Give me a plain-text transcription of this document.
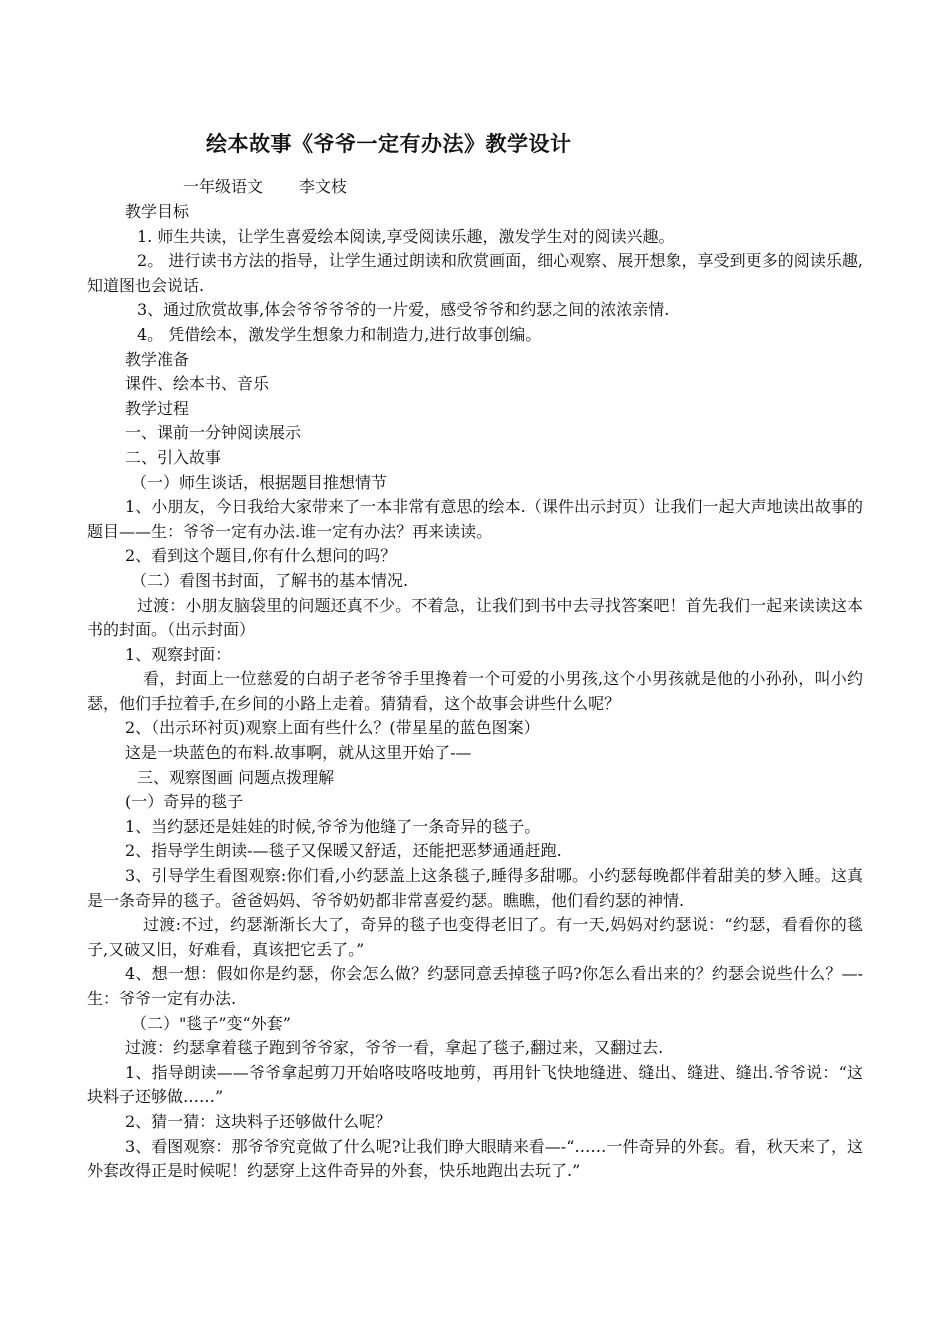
绘本故事《爷爷一定有办法》教学设计
一年级语文 李文枝

教学目标

1. 师生共读，让学生喜爱绘本阅读,享受阅读乐趣，激发学生对的阅读兴趣。

2。 进行读书方法的指导，让学生通过朗读和欣赏画面，细心观察、展开想象，享受到更多的阅读乐趣,知道图也会说话.

3、通过欣赏故事,体会爷爷爷爷的一片爱，感受爷爷和约瑟之间的浓浓亲情.

4。 凭借绘本，激发学生想象力和制造力,进行故事创编。

教学准备

课件、绘本书、音乐

教学过程

一、课前一分钟阅读展示

二、引入故事

（一）师生谈话，根据题目推想情节

1、小朋友，今日我给大家带来了一本非常有意思的绘本.（课件出示封页）让我们一起大声地读出故事的题目——生：爷爷一定有办法.谁一定有办法？再来读读。

2、看到这个题目,你有什么想问的吗？

（二）看图书封面，了解书的基本情况.

过渡：小朋友脑袋里的问题还真不少。不着急，让我们到书中去寻找答案吧！首先我们一起来读读这本书的封面。（出示封面）

1、观察封面：

看，封面上一位慈爱的白胡子老爷爷手里搀着一个可爱的小男孩,这个小男孩就是他的小孙孙，叫小约瑟，他们手拉着手,在乡间的小路上走着。猜猜看，这个故事会讲些什么呢？

2、（出示环衬页)观察上面有些什么？(带星星的蓝色图案）

这是一块蓝色的布料.故事啊，就从这里开始了-—

三、观察图画 问题点拨理解

(一）奇异的毯子

1、当约瑟还是娃娃的时候,爷爷为他缝了一条奇异的毯子。

2、指导学生朗读-—毯子又保暖又舒适，还能把恶梦通通赶跑.

3、引导学生看图观察:你们看,小约瑟盖上这条毯子,睡得多甜哪。小约瑟每晚都伴着甜美的梦入睡。这真是一条奇异的毯子。爸爸妈妈、爷爷奶奶都非常喜爱约瑟。瞧瞧，他们看约瑟的神情.

过渡:不过，约瑟渐渐长大了，奇异的毯子也变得老旧了。有一天,妈妈对约瑟说：“约瑟，看看你的毯子,又破又旧，好难看，真该把它丢了。”

4、想一想：假如你是约瑟，你会怎么做？约瑟同意丢掉毯子吗?你怎么看出来的？约瑟会说些什么？—-生：爷爷一定有办法.

（二）"毯子”变“外套”

过渡：约瑟拿着毯子跑到爷爷家，爷爷一看，拿起了毯子,翻过来，又翻过去.

1、指导朗读——爷爷拿起剪刀开始咯吱咯吱地剪，再用针飞快地缝进、缝出、缝进、缝出.爷爷说：“这块料子还够做……”

2、猜一猜：这块料子还够做什么呢？

3、看图观察：那爷爷究竟做了什么呢?让我们睁大眼睛来看—-“……一件奇异的外套。看，秋天来了，这外套改得正是时候呢！约瑟穿上这件奇异的外套，快乐地跑出去玩了.”
